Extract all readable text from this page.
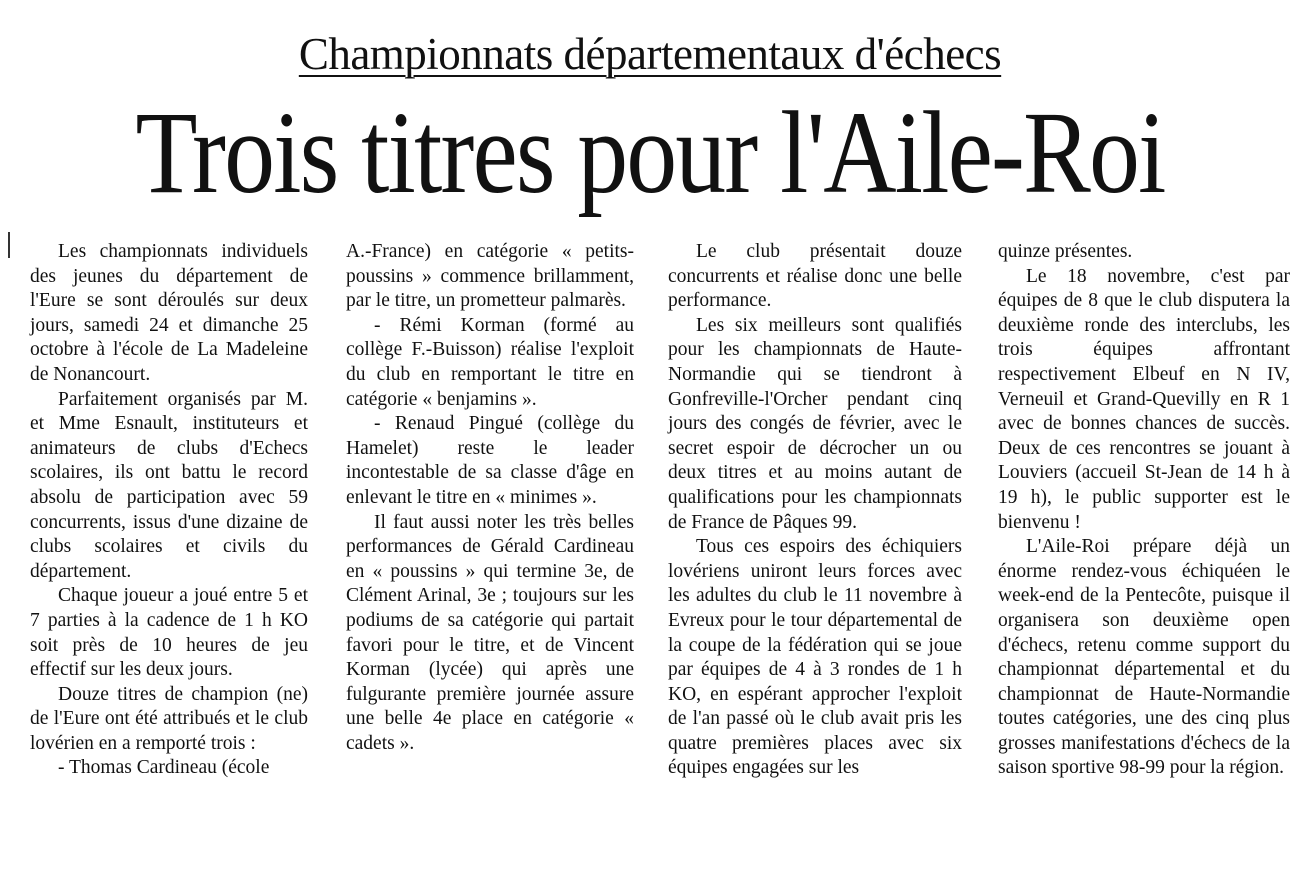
Championnats départementaux d'échecs
Trois titres pour l'Aile-Roi

Les championnats individuels des jeunes du département de l'Eure se sont déroulés sur deux jours, samedi 24 et dimanche 25 octobre à l'école de La Madeleine de Nonancourt.

Parfaitement organisés par M. et Mme Esnault, instituteurs et animateurs de clubs d'Echecs scolaires, ils ont battu le record absolu de participation avec 59 concurrents, issus d'une dizaine de clubs scolaires et civils du département.

Chaque joueur a joué entre 5 et 7 parties à la cadence de 1 h KO soit près de 10 heures de jeu effectif sur les deux jours.

Douze titres de champion (ne) de l'Eure ont été attribués et le club lovérien en a remporté trois :

- Thomas Cardineau (école

A.-France) en catégorie « petits-poussins » commence brillamment, par le titre, un prometteur palmarès.

- Rémi Korman (formé au collège F.-Buisson) réalise l'exploit du club en remportant le titre en catégorie « benjamins ».

- Renaud Pingué (collège du Hamelet) reste le leader incontestable de sa classe d'âge en enlevant le titre en « minimes ».

Il faut aussi noter les très belles performances de Gérald Cardineau en « poussins » qui termine 3e, de Clément Arinal, 3e ; toujours sur les podiums de sa catégorie qui partait favori pour le titre, et de Vincent Korman (lycée) qui après une fulgurante première journée assure une belle 4e place en catégorie « cadets ».

Le club présentait douze concurrents et réalise donc une belle performance.

Les six meilleurs sont qualifiés pour les championnats de Haute-Normandie qui se tiendront à Gonfreville-l'Orcher pendant cinq jours des congés de février, avec le secret espoir de décrocher un ou deux titres et au moins autant de qualifications pour les championnats de France de Pâques 99.

Tous ces espoirs des échiquiers lovériens uniront leurs forces avec les adultes du club le 11 novembre à Evreux pour le tour départemental de la coupe de la fédération qui se joue par équipes de 4 à 3 rondes de 1 h KO, en espérant approcher l'exploit de l'an passé où le club avait pris les quatre premières places avec six équipes engagées sur les

quinze présentes.

Le 18 novembre, c'est par équipes de 8 que le club disputera la deuxième ronde des interclubs, les trois équipes affrontant respectivement Elbeuf en N IV, Verneuil et Grand-Quevilly en R 1 avec de bonnes chances de succès. Deux de ces rencontres se jouant à Louviers (accueil St-Jean de 14 h à 19 h), le public supporter est le bienvenu !

L'Aile-Roi prépare déjà un énorme rendez-vous échiquéen le week-end de la Pentecôte, puisque il organisera son deuxième open d'échecs, retenu comme support du championnat départemental et du championnat de Haute-Normandie toutes catégories, une des cinq plus grosses manifestations d'échecs de la saison sportive 98-99 pour la région.
